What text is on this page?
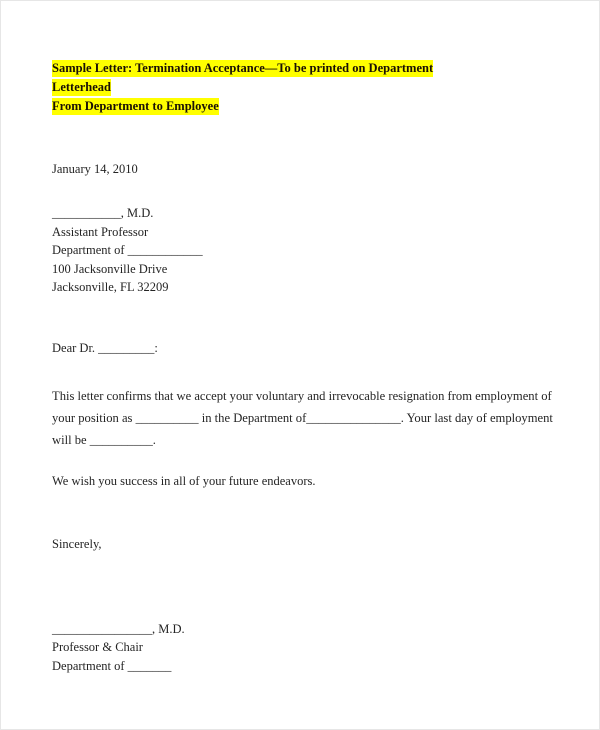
Sample Letter: Termination Acceptance—To be printed on Department Letterhead
From Department to Employee
January 14, 2010
___________, M.D.
Assistant Professor
Department of ____________
100 Jacksonville Drive
Jacksonville, FL 32209
Dear Dr. _________:
This letter confirms that we accept your voluntary and irrevocable resignation from employment of your position as __________ in the Department of_______________. Your last day of employment will be __________.
We wish you success in all of your future endeavors.
Sincerely,
________________, M.D.
Professor & Chair
Department of _______
